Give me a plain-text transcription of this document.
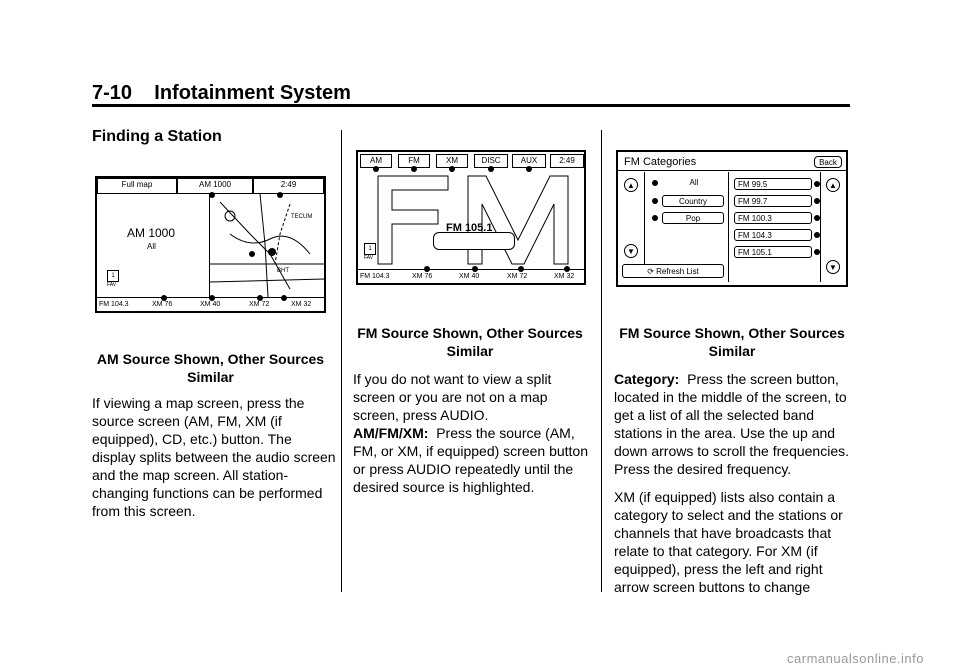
7-10 Infotainment System
Finding a Station
Full map	AM 1000	2:49
TECUM
BHT
AM 1000
All
1
FAV
FM 104.3	XM 76	XM 40	XM 72	XM 32
AM Source Shown, Other Sources
Similar
If viewing a map screen, press the source screen (AM, FM, XM (if equipped), CD, etc.) button. The display splits between the audio screen and the map screen. All station-changing functions can be performed from this screen.
AM	FM	XM	DISC	AUX	2:49
FM 105.1
1
FAV
FM 104.3	XM 76	XM 40	XM 72	XM 32
FM Source Shown, Other Sources
Similar
If you do not want to view a split screen or you are not on a map screen, press AUDIO.
AM/FM/XM: Press the source (AM, FM, or XM, if equipped) screen button or press AUDIO repeatedly until the desired source is highlighted.
FM Categories	Back
▲
▼
▲
▼
All
Country
Pop
⟳ Refresh List
FM 99.5
FM 99.7
FM 100.3
FM 104.3
FM 105.1
FM Source Shown, Other Sources
Similar
Category: Press the screen button, located in the middle of the screen, to get a list of all the selected band stations in the area. Use the up and down arrows to scroll the frequencies. Press the desired frequency.
XM (if equipped) lists also contain a category to select and the stations or channels that have broadcasts that relate to that category. For XM (if equipped), press the left and right arrow screen buttons to change
carmanualsonline.info
